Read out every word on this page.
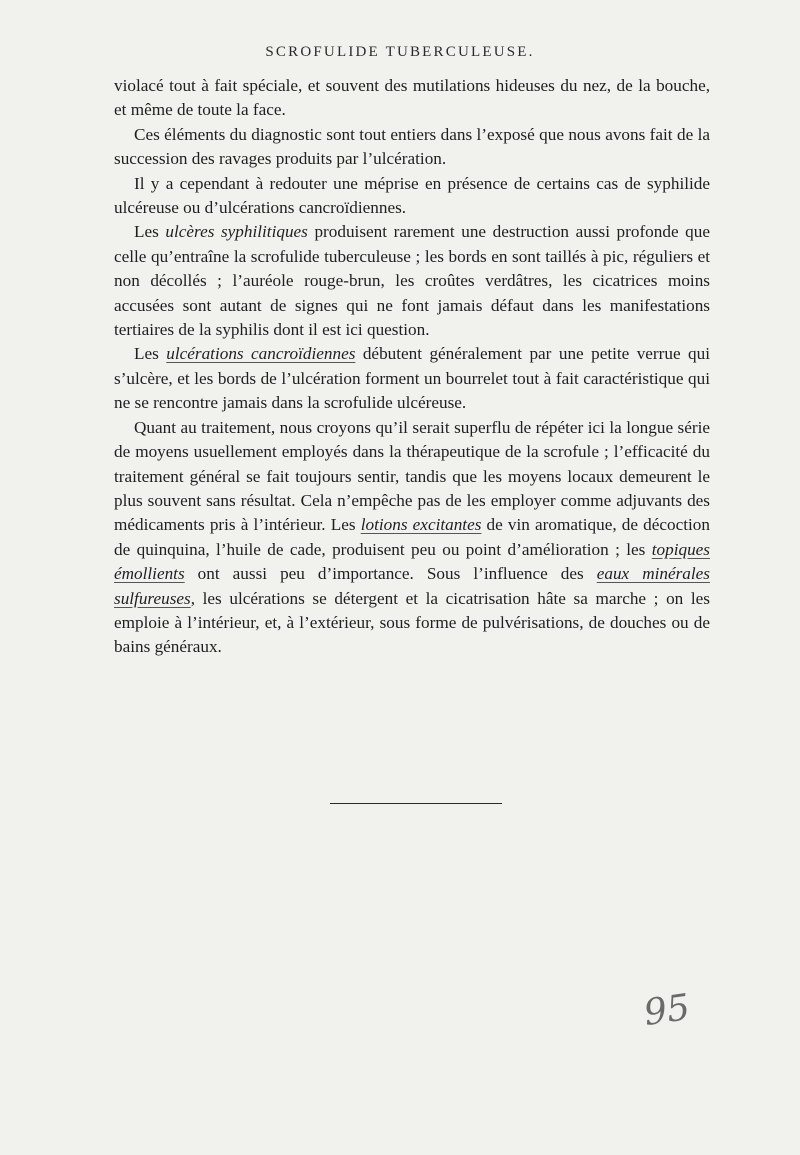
SCROFULIDE TUBERCULEUSE.

violacé tout à fait spéciale, et souvent des mutilations hideuses du nez, de la bouche, et même de toute la face.

Ces éléments du diagnostic sont tout entiers dans l’exposé que nous avons fait de la succession des ravages produits par l’ulcération.

Il y a cependant à redouter une méprise en présence de certains cas de syphilide ulcéreuse ou d’ulcérations cancroïdiennes.

Les ulcères syphilitiques produisent rarement une destruction aussi profonde que celle qu’entraîne la scrofulide tuberculeuse ; les bords en sont taillés à pic, réguliers et non décollés ; l’auréole rouge-brun, les croûtes verdâtres, les cicatrices moins accusées sont autant de signes qui ne font jamais défaut dans les manifestations tertiaires de la syphilis dont il est ici question.

Les ulcérations cancroïdiennes débutent généralement par une petite verrue qui s’ulcère, et les bords de l’ulcération forment un bourrelet tout à fait caractéristique qui ne se rencontre jamais dans la scrofulide ulcéreuse.

Quant au traitement, nous croyons qu’il serait superflu de répéter ici la longue série de moyens usuellement employés dans la thérapeutique de la scrofule ; l’efficacité du traitement général se fait toujours sentir, tandis que les moyens locaux demeurent le plus souvent sans résultat. Cela n’empêche pas de les employer comme adjuvants des médicaments pris à l’intérieur. Les lotions excitantes de vin aromatique, de décoction de quinquina, l’huile de cade, produisent peu ou point d’amélioration ; les topiques émollients ont aussi peu d’importance. Sous l’influence des eaux minérales sulfureuses, les ulcérations se détergent et la cicatrisation hâte sa marche ; on les emploie à l’intérieur, et, à l’extérieur, sous forme de pulvérisations, de douches ou de bains généraux.

95
